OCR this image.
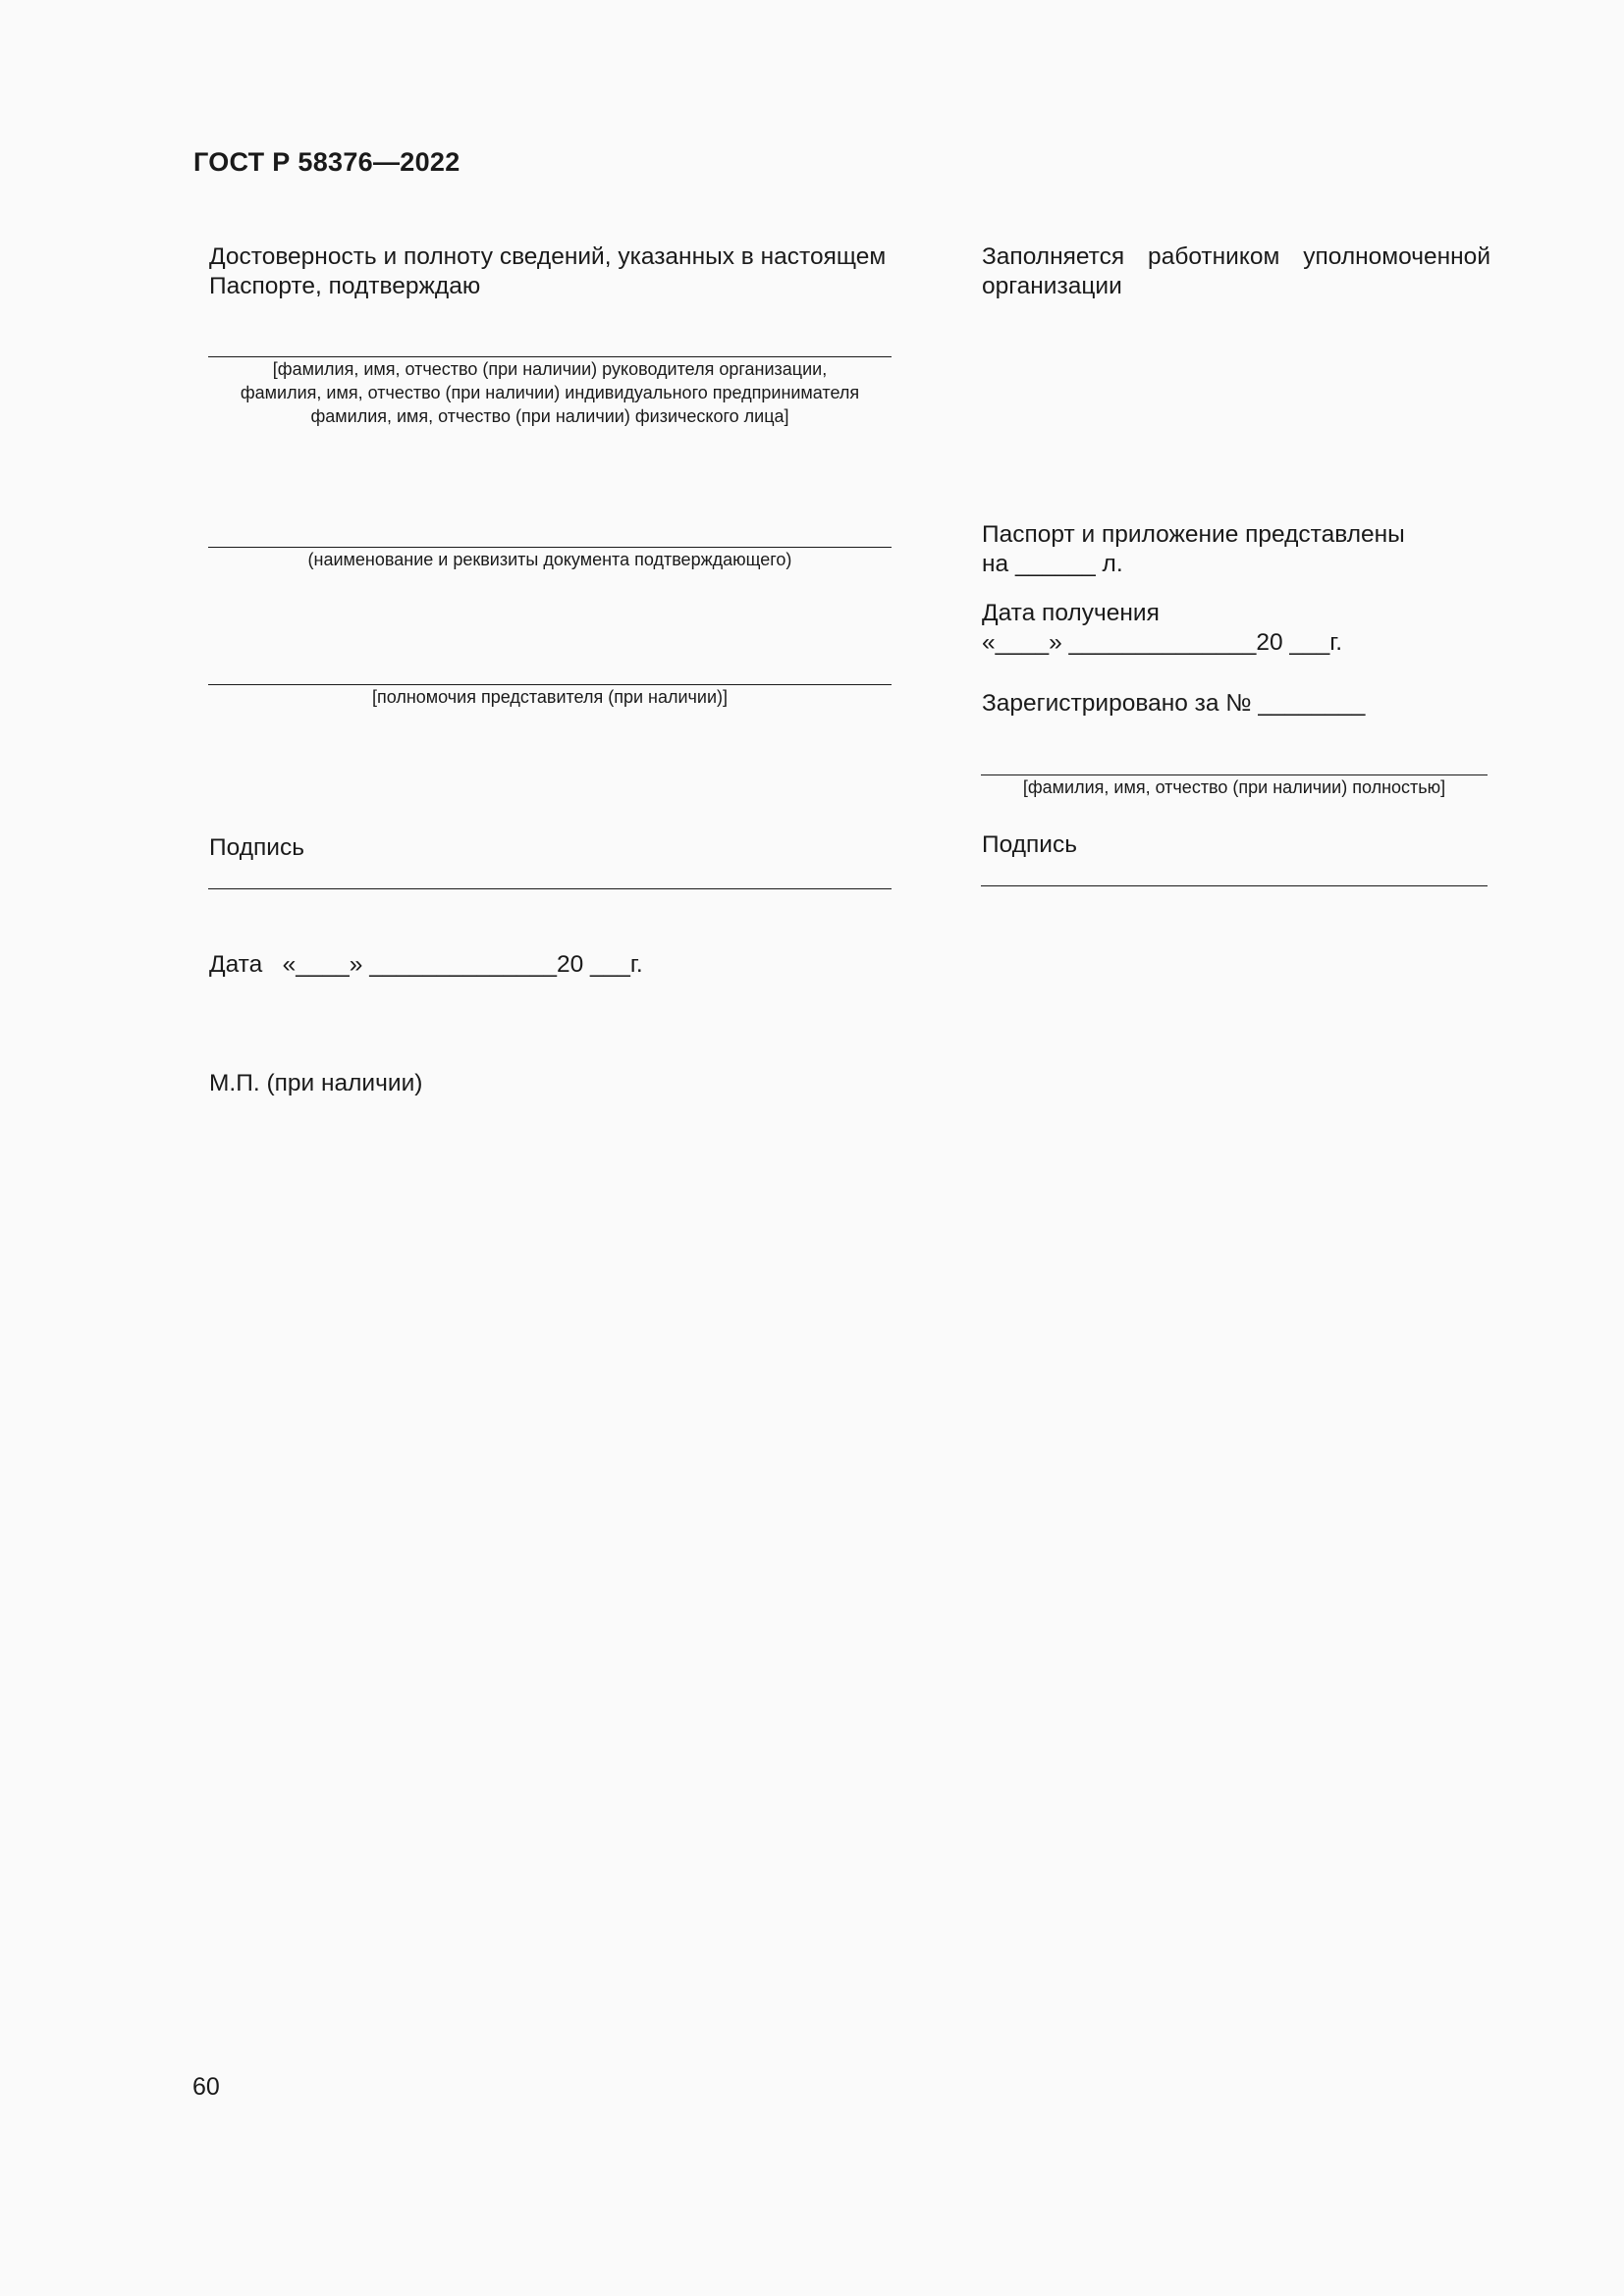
ГОСТ Р 58376—2022
Достоверность и полноту сведений, указанных в настоящем
Паспорте, подтверждаю
[фамилия, имя, отчество (при наличии) руководителя организации,
фамилия, имя, отчество (при наличии) индивидуального предпринимателя
фамилия, имя, отчество (при наличии) физического лица]
(наименование и реквизиты документа подтверждающего)
[полномочия представителя (при наличии)]
Подпись
Дата   «____» ______________20 ___г.
М.П. (при наличии)
Заполняется работником уполномоченной
организации
Паспорт и приложение представлены
на ______ л.
Дата получения
«____» ______________20 ___г.
Зарегистрировано за № ________
[фамилия, имя, отчество (при наличии) полностью]
Подпись
60
